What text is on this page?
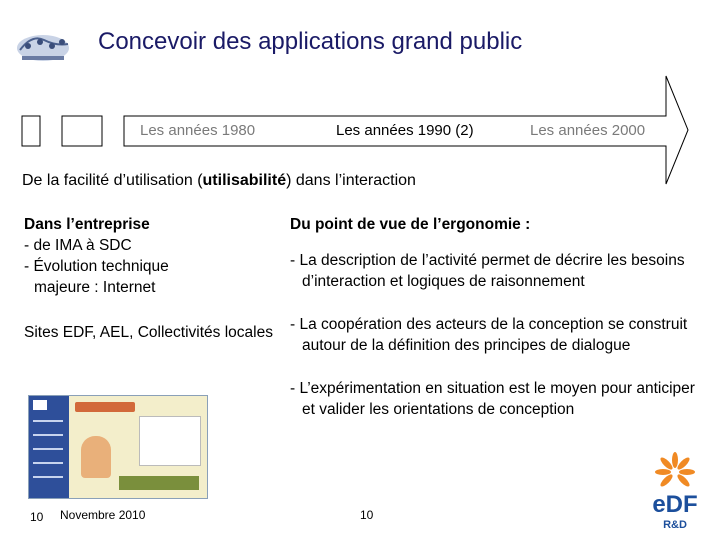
Concevoir des applications grand public
Les années 1980	Les années 1990 (2)	Les années 2000
De la facilité d’utilisation (utilisabilité) dans l’interaction
Dans l’entreprise
- de IMA à SDC
- Évolution technique
majeure : Internet
Sites EDF, AEL, Collectivités locales
Du point de vue de l’ergonomie :
- La description de l’activité permet de décrire les besoins d’interaction et logiques de raisonnement
- La coopération des acteurs de la conception se construit autour de la définition des principes de dialogue
- L’expérimentation en situation est le moyen pour anticiper et valider les orientations de conception
10 Novembre 2010	10	eDF
R&D
